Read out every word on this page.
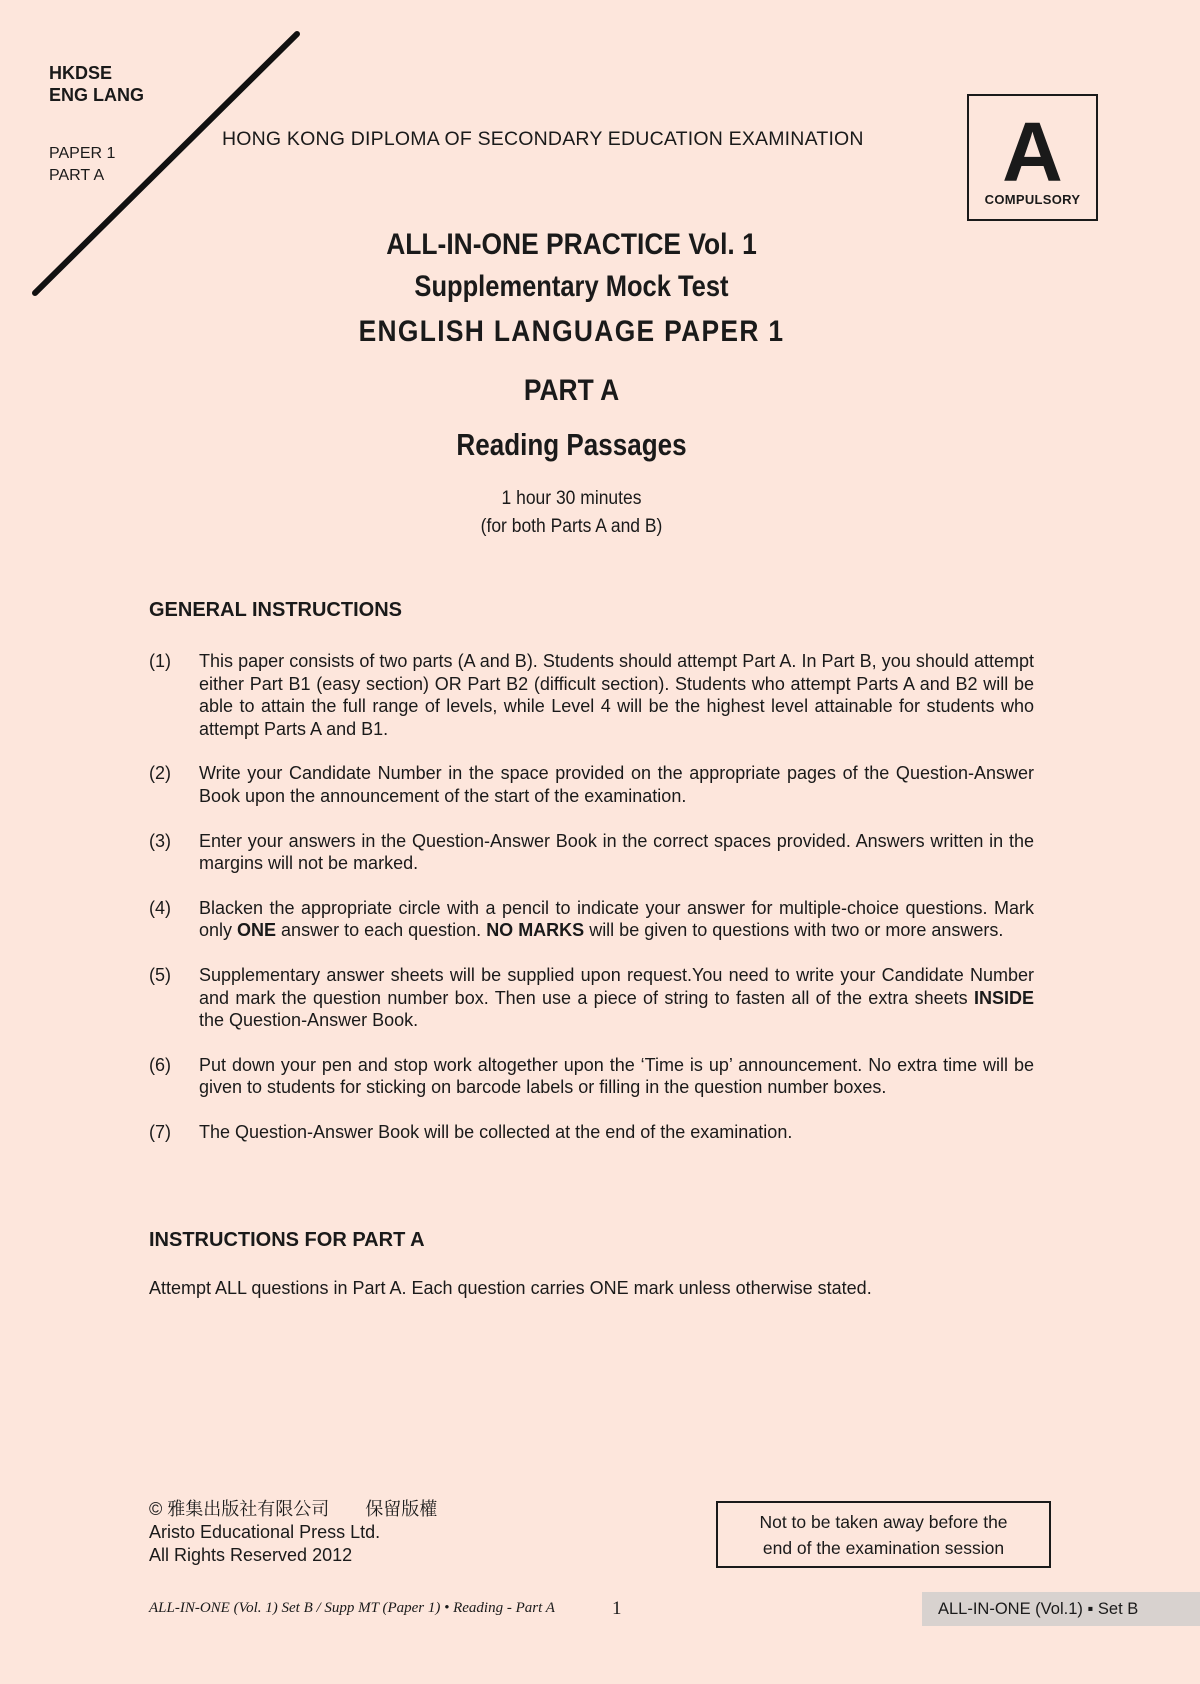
HKDSE
ENG LANG
PAPER 1
PART A
HONG KONG DIPLOMA OF SECONDARY EDUCATION EXAMINATION	A
COMPULSORY
ALL-IN-ONE PRACTICE Vol. 1
Supplementary Mock Test
ENGLISH LANGUAGE PAPER 1
PART A
Reading Passages
1 hour 30 minutes
(for both Parts A and B)
GENERAL INSTRUCTIONS
(1)	This paper consists of two parts (A and B). Students should attempt Part A. In Part B, you should attempt either Part B1 (easy section) OR Part B2 (difficult section). Students who attempt Parts A and B2 will be able to attain the full range of levels, while Level 4 will be the highest level attainable for students who attempt Parts A and B1.
(2)	Write your Candidate Number in the space provided on the appropriate pages of the Question-Answer Book upon the announcement of the start of the examination.
(3)	Enter your answers in the Question-Answer Book in the correct spaces provided. Answers written in the margins will not be marked.
(4)	Blacken the appropriate circle with a pencil to indicate your answer for multiple-choice questions. Mark only ONE answer to each question. NO MARKS will be given to questions with two or more answers.
(5)	Supplementary answer sheets will be supplied upon request.You need to write your Candidate Number and mark the question number box. Then use a piece of string to fasten all of the extra sheets INSIDE the Question-Answer Book.
(6)	Put down your pen and stop work altogether upon the ‘Time is up’ announcement. No extra time will be given to students for sticking on barcode labels or filling in the question number boxes.
(7)	The Question-Answer Book will be collected at the end of the examination.
INSTRUCTIONS FOR PART A
Attempt ALL questions in Part A. Each question carries ONE mark unless otherwise stated.
© 雅集出版社有限公司　　保留版權
Aristo Educational Press Ltd.
All Rights Reserved 2012
Not to be taken away before the
end of the examination session
ALL-IN-ONE (Vol. 1) Set B / Supp MT (Paper 1) • Reading - Part A	1	ALL-IN-ONE (Vol.1) ▪ Set B
